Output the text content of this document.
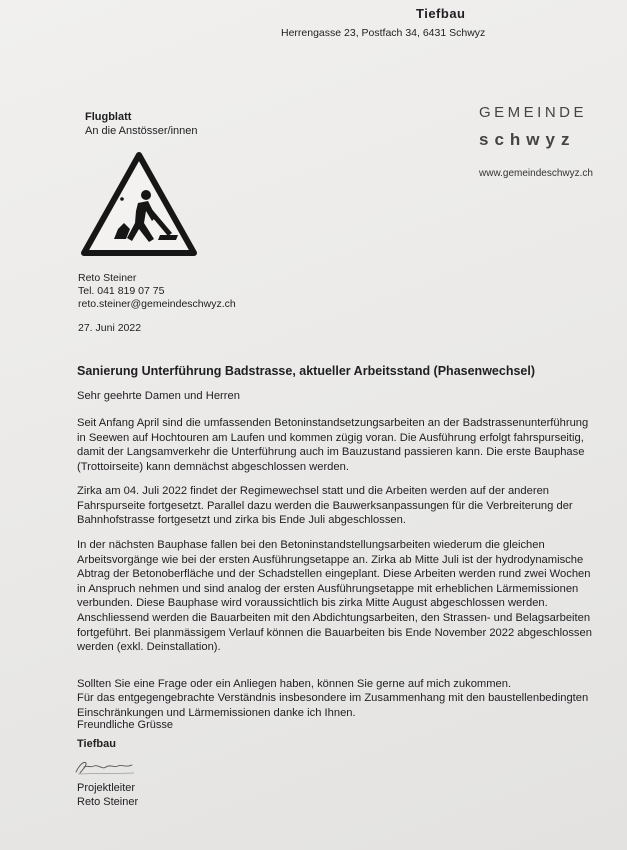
Tiefbau
Herrengasse 23, Postfach 34, 6431 Schwyz
Flugblatt
An die Anstösser/innen
GEMEINDE
schwyz
www.gemeindeschwyz.ch
Reto Steiner
Tel. 041 819 07 75
reto.steiner@gemeindeschwyz.ch
27. Juni 2022
Sanierung Unterführung Badstrasse, aktueller Arbeitsstand (Phasenwechsel)

Sehr geehrte Damen und Herren

Seit Anfang April sind die umfassenden Betoninstandsetzungsarbeiten an der Badstrassenunterführung in Seewen auf Hochtouren am Laufen und kommen zügig voran. Die Ausführung erfolgt fahrspurseitig, damit der Langsamverkehr die Unterführung auch im Bauzustand passieren kann. Die erste Bauphase (Trottoirseite) kann demnächst abgeschlossen werden.

Zirka am 04. Juli 2022 findet der Regimewechsel statt und die Arbeiten werden auf der anderen Fahrspurseite fortgesetzt. Parallel dazu werden die Bauwerksanpassungen für die Verbreiterung der Bahnhofstrasse fortgesetzt und zirka bis Ende Juli abgeschlossen.

In der nächsten Bauphase fallen bei den Betoninstandstellungsarbeiten wiederum die gleichen Arbeitsvorgänge wie bei der ersten Ausführungsetappe an. Zirka ab Mitte Juli ist der hydrodynamische Abtrag der Betonoberfläche und der Schadstellen eingeplant. Diese Arbeiten werden rund zwei Wochen in Anspruch nehmen und sind analog der ersten Ausführungsetappe mit erheblichen Lärmemissionen verbunden. Diese Bauphase wird voraussichtlich bis zirka Mitte August abgeschlossen werden. Anschliessend werden die Bauarbeiten mit den Abdichtungsarbeiten, den Strassen- und Belagsarbeiten fortgeführt. Bei planmässigem Verlauf können die Bauarbeiten bis Ende November 2022 abgeschlossen werden (exkl. Deinstallation).

Sollten Sie eine Frage oder ein Anliegen haben, können Sie gerne auf mich zukommen.

Für das entgegengebrachte Verständnis insbesondere im Zusammenhang mit den baustellenbedingten Einschränkungen und Lärmemissionen danke ich Ihnen.

Freundliche Grüsse
Tiefbau
Projektleiter
Reto Steiner
